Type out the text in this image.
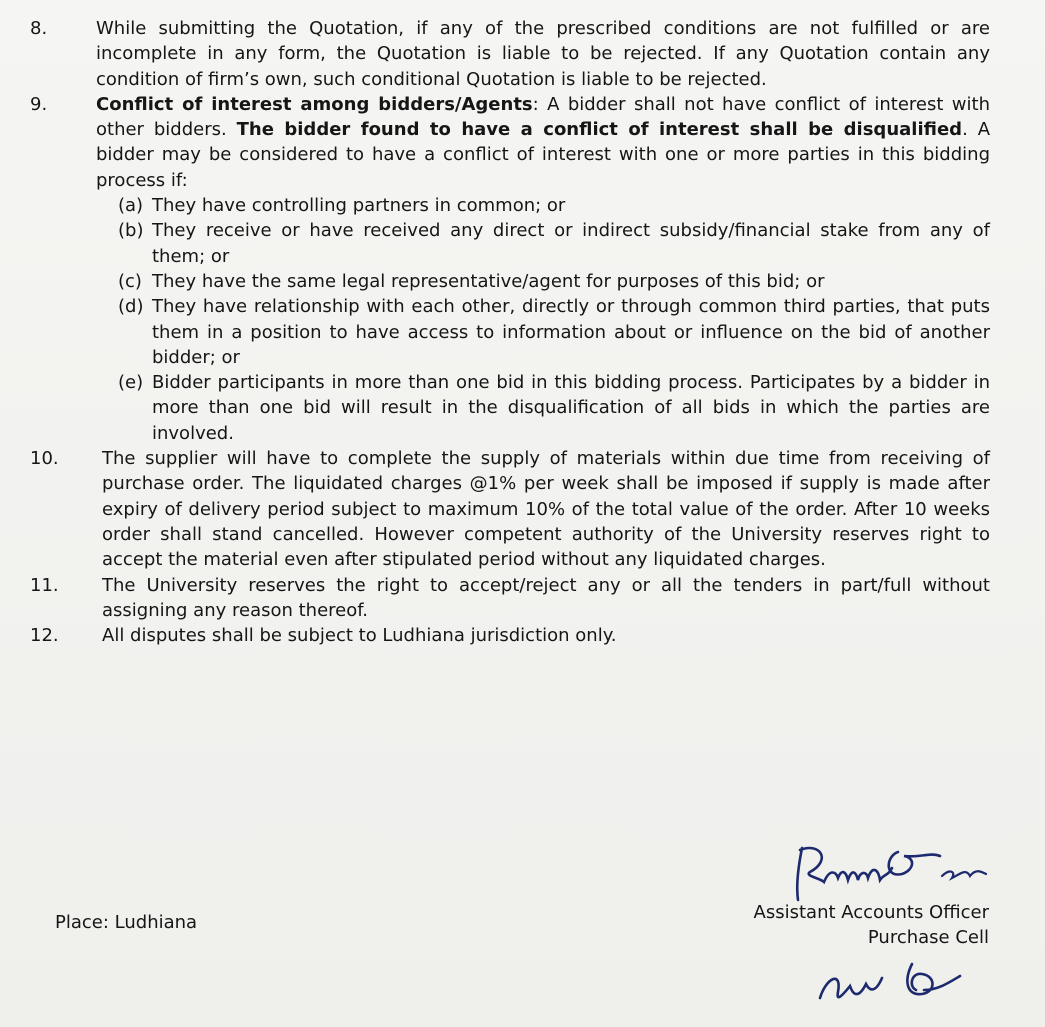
8.	While submitting the Quotation, if any of the prescribed conditions are not fulfilled or are incomplete in any form, the Quotation is liable to be rejected. If any Quotation contain any condition of firm’s own, such conditional Quotation is liable to be rejected.
9.	Conflict of interest among bidders/Agents: A bidder shall not have conflict of interest with other bidders. The bidder found to have a conflict of interest shall be disqualified. A bidder may be considered to have a conflict of interest with one or more parties in this bidding process if:
(a) They have controlling partners in common; or
(b) They receive or have received any direct or indirect subsidy/financial stake from any of them; or
(c) They have the same legal representative/agent for purposes of this bid; or
(d) They have relationship with each other, directly or through common third parties, that puts them in a position to have access to information about or influence on the bid of another bidder; or
(e) Bidder participants in more than one bid in this bidding process. Participates by a bidder in more than one bid will result in the disqualification of all bids in which the parties are involved.
10.	The supplier will have to complete the supply of materials within due time from receiving of purchase order. The liquidated charges @1% per week shall be imposed if supply is made after expiry of delivery period subject to maximum 10% of the total value of the order. After 10 weeks order shall stand cancelled. However competent authority of the University reserves right to accept the material even after stipulated period without any liquidated charges.
11.	The University reserves the right to accept/reject any or all the tenders in part/full without assigning any reason thereof.
12.	All disputes shall be subject to Ludhiana jurisdiction only.
Place: Ludhiana	Assistant Accounts Officer
Purchase Cell
